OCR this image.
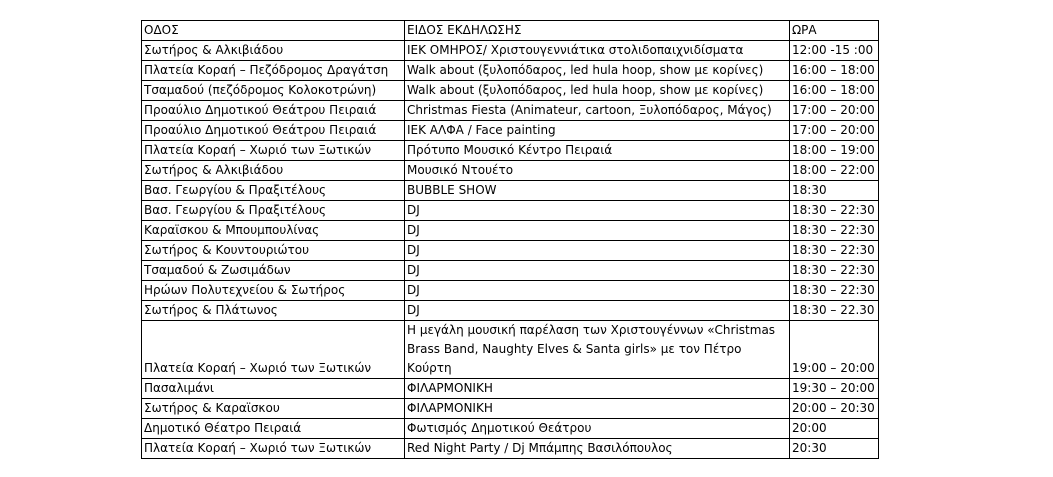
ΟΔΟΣ	ΕΙΔΟΣ ΕΚΔΗΛΩΣΗΣ	ΩΡΑ
Σωτήρος & Αλκιβιάδου	ΙΕΚ ΟΜΗΡΟΣ/ Χριστουγεννιάτικα στολιδοπαιχνιδίσματα	12:00 -15 :00
Πλατεία Κοραή – Πεζόδρομος Δραγάτση	Walk about (ξυλοπόδαρος, led hula hoop, show με κορίνες)	16:00 – 18:00
Τσαμαδού (πεζόδρομος Κολοκοτρώνη)	Walk about (ξυλοπόδαρος, led hula hoop, show με κορίνες)	16:00 – 18:00
Προαύλιο Δημοτικού Θεάτρου Πειραιά	Christmas Fiesta (Animateur, cartoon, Ξυλοπόδαρος, Μάγος)	17:00 – 20:00
Προαύλιο Δημοτικού Θεάτρου Πειραιά	ΙΕΚ ΑΛΦΑ / Face painting	17:00 – 20:00
Πλατεία Κοραή – Χωριό των Ξωτικών	Πρότυπο Μουσικό Κέντρο Πειραιά	18:00 – 19:00
Σωτήρος & Αλκιβιάδου	Μουσικό Ντουέτο	18:00 – 22:00
Βασ. Γεωργίου & Πραξιτέλους	BUBBLE SHOW	18:30
Βασ. Γεωργίου & Πραξιτέλους	DJ	18:30 – 22:30
Καραϊσκου & Μπουμπουλίνας	DJ	18:30 – 22:30
Σωτήρος & Κουντουριώτου	DJ	18:30 – 22:30
Τσαμαδού & Ζωσιμάδων	DJ	18:30 – 22:30
Ηρώων Πολυτεχνείου & Σωτήρος	DJ	18:30 – 22:30
Σωτήρος & Πλάτωνος	DJ	18:30 – 22.30
Πλατεία Κοραή – Χωριό των Ξωτικών	Η μεγάλη μουσική παρέλαση των Χριστουγέννων «Christmas
Brass Band, Naughty Elves & Santa girls» με τον Πέτρο Κούρτη	19:00 – 20:00
Πασαλιμάνι	ΦΙΛΑΡΜΟΝΙΚΗ	19:30 – 20:00
Σωτήρος & Καραϊσκου	ΦΙΛΑΡΜΟΝΙΚΗ	20:00 – 20:30
Δημοτικό Θέατρο Πειραιά	Φωτισμός Δημοτικού Θεάτρου	20:00
Πλατεία Κοραή – Χωριό των Ξωτικών	Red Night Party / Dj Μπάμπης Βασιλόπουλος	20:30
